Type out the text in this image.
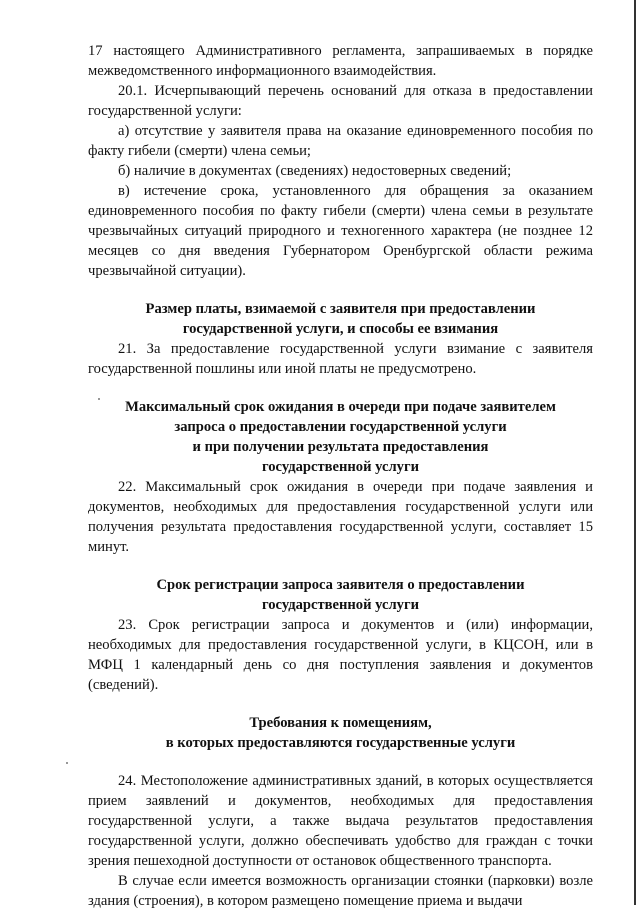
17 настоящего Административного регламента, запрашиваемых в порядке межведомственного информационного взаимодействия.

20.1. Исчерпывающий перечень оснований для отказа в предоставлении государственной услуги:

а) отсутствие у заявителя права на оказание единовременного пособия по факту гибели (смерти) члена семьи;

б) наличие в документах (сведениях) недостоверных сведений;

в) истечение срока, установленного для обращения за оказанием единовременного пособия по факту гибели (смерти) члена семьи в результате чрезвычайных ситуаций природного и техногенного характера (не позднее 12 месяцев со дня введения Губернатором Оренбургской области режима чрезвычайной ситуации).

Размер платы, взимаемой с заявителя при предоставлении

государственной услуги, и способы ее взимания

21. За предоставление государственной услуги взимание с заявителя государственной пошлины или иной платы не предусмотрено.

Максимальный срок ожидания в очереди при подаче заявителем

запроса о предоставлении государственной услуги

и при получении результата предоставления

государственной услуги

22. Максимальный срок ожидания в очереди при подаче заявления и документов, необходимых для предоставления государственной услуги или получения результата предоставления государственной услуги, составляет 15 минут.

Срок регистрации запроса заявителя о предоставлении

государственной услуги

23. Срок регистрации запроса и документов и (или) информации, необходимых для предоставления государственной услуги, в КЦСОН, или в МФЦ 1 календарный день со дня поступления заявления и документов (сведений).

Требования к помещениям,

в которых предоставляются государственные услуги

24. Местоположение административных зданий, в которых осуществляется прием заявлений и документов, необходимых для предоставления государственной услуги, а также выдача результатов предоставления государственной услуги, должно обеспечивать удобство для граждан с точки зрения пешеходной доступности от остановок общественного транспорта.

В случае если имеется возможность организации стоянки (парковки) возле здания (строения), в котором размещено помещение приема и выдачи
